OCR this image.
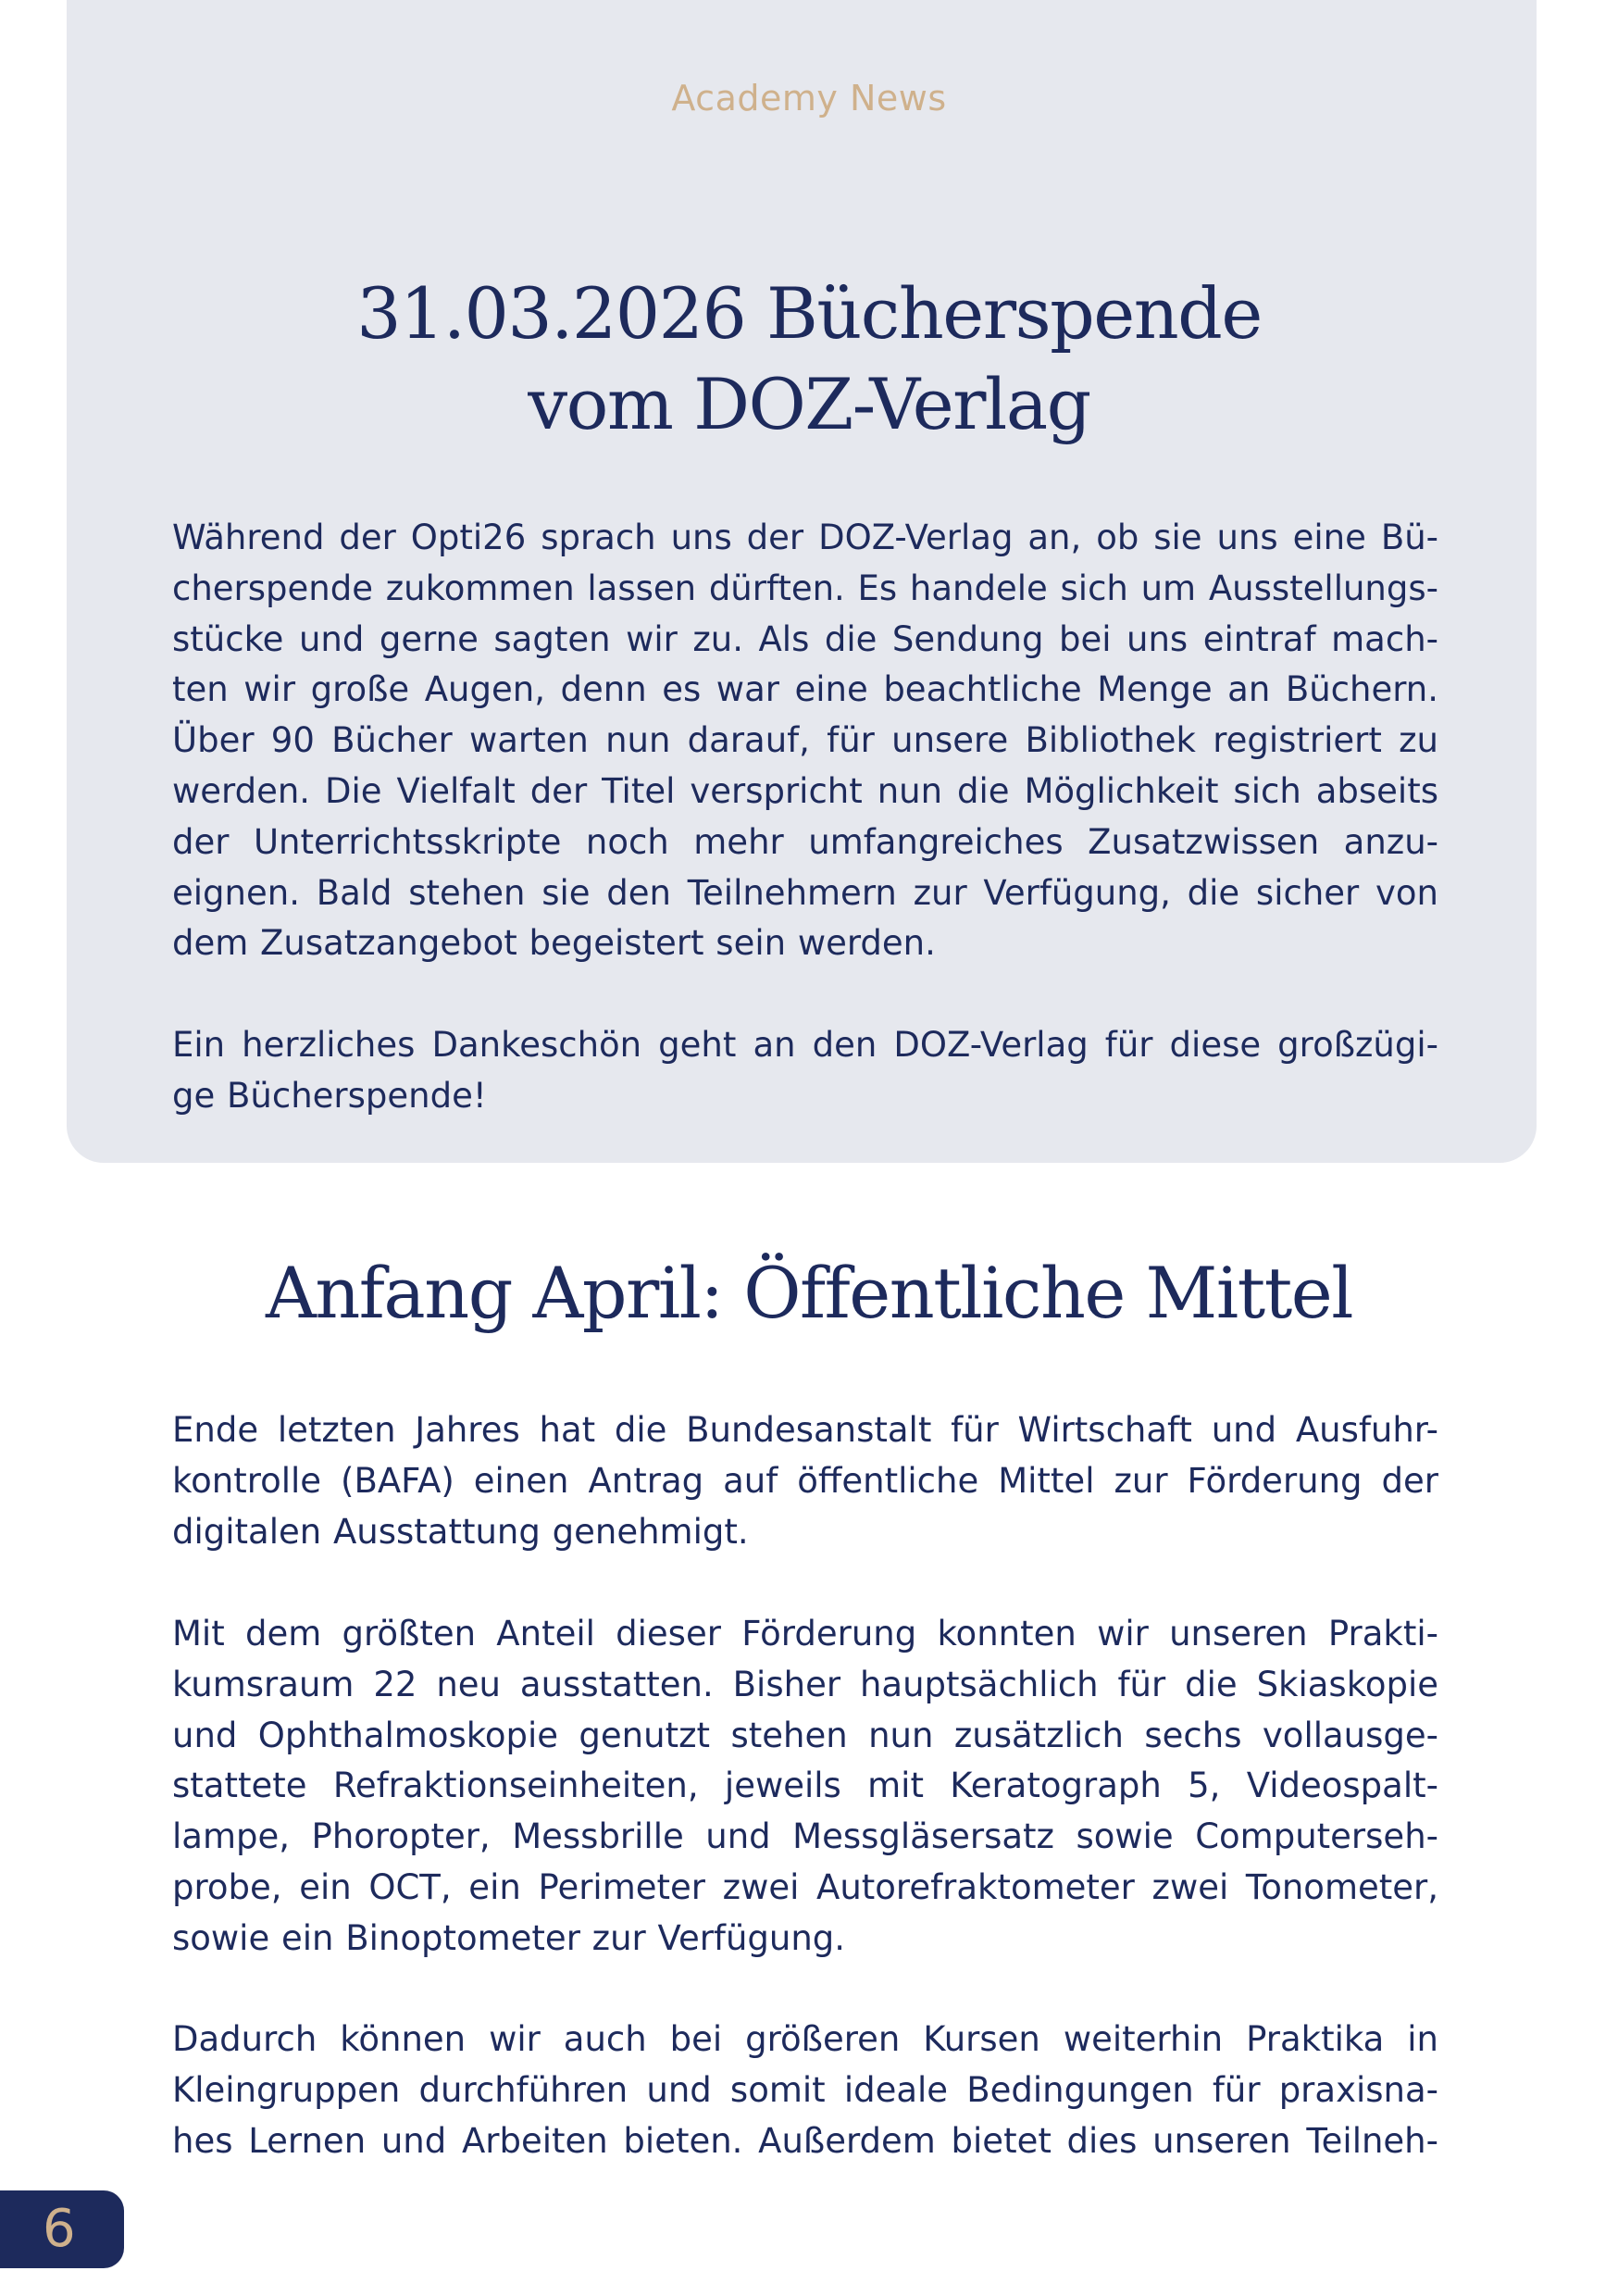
Academy News
31.03.2026 Bücherspende
vom DOZ-Verlag
Während der Opti26 sprach uns der DOZ-Verlag an, ob sie uns eine Bü-
cherspende zukommen lassen dürften. Es handele sich um Ausstellungs-
stücke und gerne sagten wir zu. Als die Sendung bei uns eintraf mach-
ten wir große Augen, denn es war eine beachtliche Menge an Büchern.
Über 90 Bücher warten nun darauf, für unsere Bibliothek registriert zu
werden. Die Vielfalt der Titel verspricht nun die Möglichkeit sich abseits
der Unterrichtsskripte noch mehr umfangreiches Zusatzwissen anzu-
eignen. Bald stehen sie den Teilnehmern zur Verfügung, die sicher von
dem Zusatzangebot begeistert sein werden.
Ein herzliches Dankeschön geht an den DOZ-Verlag für diese großzügi-
ge Bücherspende!
Anfang April: Öffentliche Mittel
Ende letzten Jahres hat die Bundesanstalt für Wirtschaft und Ausfuhr-
kontrolle (BAFA) einen Antrag auf öffentliche Mittel zur Förderung der
digitalen Ausstattung genehmigt.
Mit dem größten Anteil dieser Förderung konnten wir unseren Prakti-
kumsraum 22 neu ausstatten. Bisher hauptsächlich für die Skiaskopie
und Ophthalmoskopie genutzt stehen nun zusätzlich sechs vollausge-
stattete Refraktionseinheiten, jeweils mit Keratograph 5, Videospalt-
lampe, Phoropter, Messbrille und Messgläsersatz sowie Computerseh-
probe, ein OCT, ein Perimeter zwei Autorefraktometer zwei Tonometer,
sowie ein Binoptometer zur Verfügung.
Dadurch können wir auch bei größeren Kursen weiterhin Praktika in
Kleingruppen durchführen und somit ideale Bedingungen für praxisna-
hes Lernen und Arbeiten bieten. Außerdem bietet dies unseren Teilneh-
6
